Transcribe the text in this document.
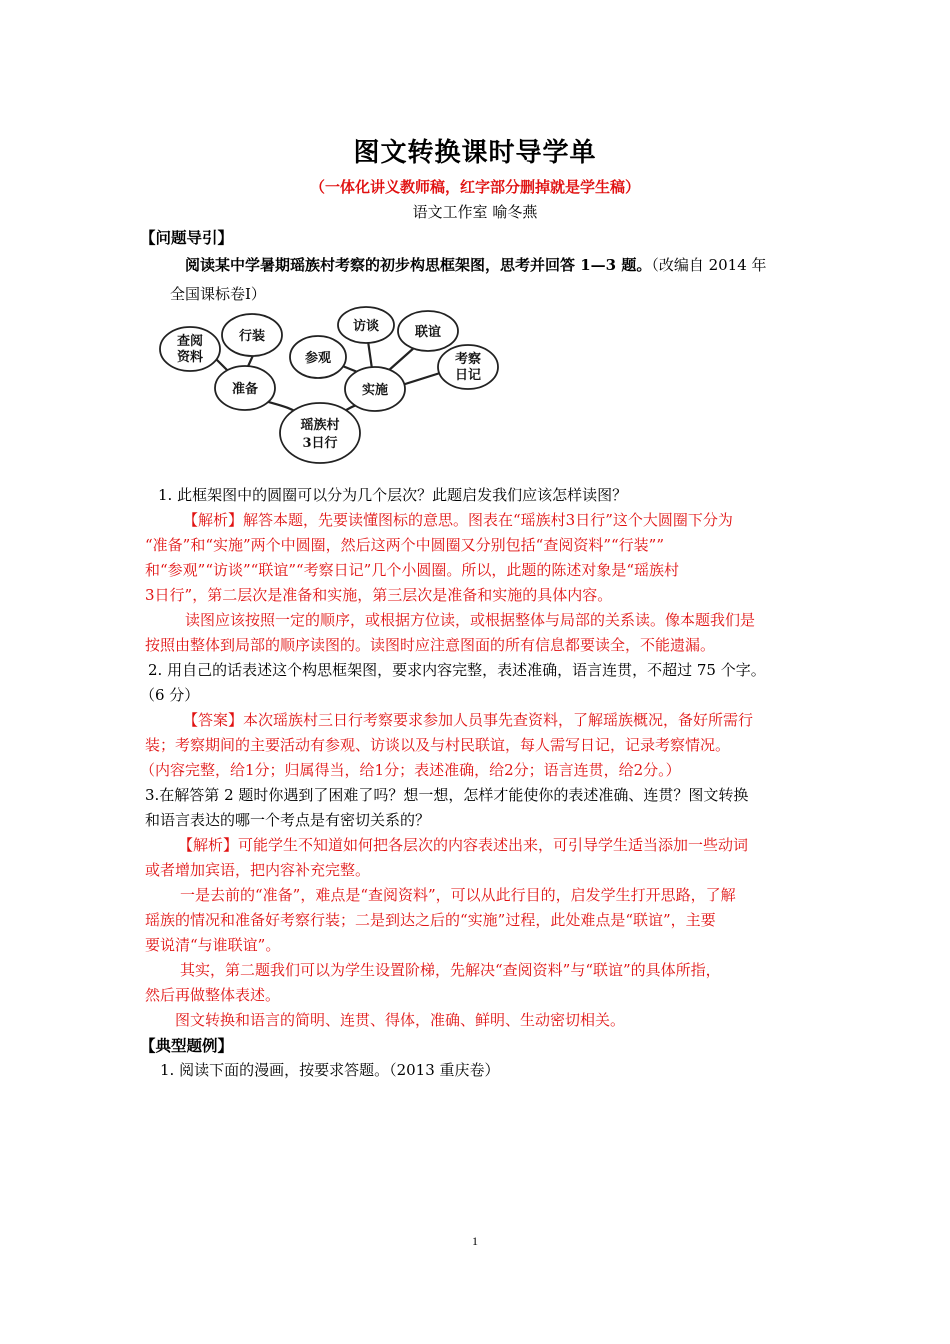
图文转换课时导学单
（一体化讲义教师稿，红字部分删掉就是学生稿）
语文工作室 喻冬燕
【问题导引】
阅读某中学暑期瑶族村考察的初步构思框架图，思考并回答 1—3 题。（改编自 2014 年
全国课标卷Ⅰ）
瑶族村
3日行
准备	实施
查阅
资料
行装
参观
访谈	联谊
考察
日记
1. 此框架图中的圆圈可以分为几个层次？此题启发我们应该怎样读图？
【解析】解答本题，先要读懂图标的意思。图表在“瑶族村3日行”这个大圆圈下分为
“准备”和“实施”两个中圆圈，然后这两个中圆圈又分别包括“查阅资料”“行装””
和“参观”“访谈”“联谊”“考察日记”几个小圆圈。所以，此题的陈述对象是“瑶族村
3日行”，第二层次是准备和实施，第三层次是准备和实施的具体内容。
读图应该按照一定的顺序，或根据方位读，或根据整体与局部的关系读。像本题我们是
按照由整体到局部的顺序读图的。读图时应注意图面的所有信息都要读全，不能遗漏。
2. 用自己的话表述这个构思框架图，要求内容完整，表述准确，语言连贯，不超过 75 个字。
（6 分）
【答案】本次瑶族村三日行考察要求参加人员事先查资料，了解瑶族概况，备好所需行
装；考察期间的主要活动有参观、访谈以及与村民联谊，每人需写日记，记录考察情况。
（内容完整，给1分；归属得当，给1分；表述准确，给2分；语言连贯，给2分。）
3.在解答第 2 题时你遇到了困难了吗？想一想，怎样才能使你的表述准确、连贯？图文转换
和语言表达的哪一个考点是有密切关系的？
【解析】可能学生不知道如何把各层次的内容表述出来，可引导学生适当添加一些动词
或者增加宾语，把内容补充完整。
一是去前的“准备”，难点是“查阅资料”，可以从此行目的，启发学生打开思路，了解
瑶族的情况和准备好考察行装；二是到达之后的“实施”过程，此处难点是“联谊”，主要
要说清“与谁联谊”。
其实，第二题我们可以为学生设置阶梯，先解决“查阅资料”与“联谊”的具体所指，
然后再做整体表述。
图文转换和语言的简明、连贯、得体，准确、鲜明、生动密切相关。
【典型题例】
1. 阅读下面的漫画，按要求答题。（2013 重庆卷）
1
